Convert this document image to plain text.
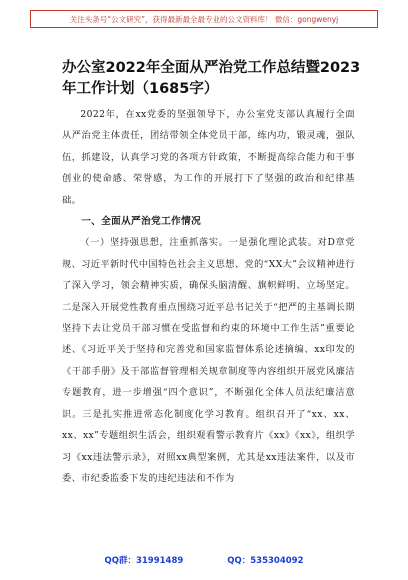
关注头条号“公文研究”，获得最新最全最专业的公文资料库！ 微信：gongwenyj
办公室2022年全面从严治党工作总结暨2023年工作计划（1685字）

2022年，在xx党委的坚强领导下，办公室党支部认真履行全面从严治党主体责任，团结带领全体党员干部，练内功，锻灵魂，强队伍，抓建设，认真学习党的各项方针政策，不断提高综合能力和干事创业的使命感、荣誉感，为工作的开展打下了坚强的政治和纪律基础。

一、全面从严治党工作情况

（一）坚持强思想，注重抓落实。一是强化理论武装。对D章党规、习近平新时代中国特色社会主义思想、党的“XX大”会议精神进行了深入学习，领会精神实质，确保头脑清醒、旗帜鲜明、立场坚定。二是深入开展党性教育重点围绕习近平总书记关于“把严的主基调长期坚持下去让党员干部习惯在受监督和约束的环境中工作生活”重要论述、《习近平关于坚持和完善党和国家监督体系论述摘编、xx印发的《干部手册》及干部监督管理相关规章制度等内容组织开展党风廉洁专题教育，进一步增强“四个意识”，不断强化全体人员法纪廉洁意识。三是扎实推进常态化制度化学习教育。组织召开了“xx、xx、xx、xx”专题组织生活会，组织观看警示教育片《xx》《xx》，组织学习《xx违法警示录》，对照xx典型案例，尤其是xx违法案件，以及市委、市纪委监委下发的违纪违法和不作为

QQ群：31991489	QQ：535304092
